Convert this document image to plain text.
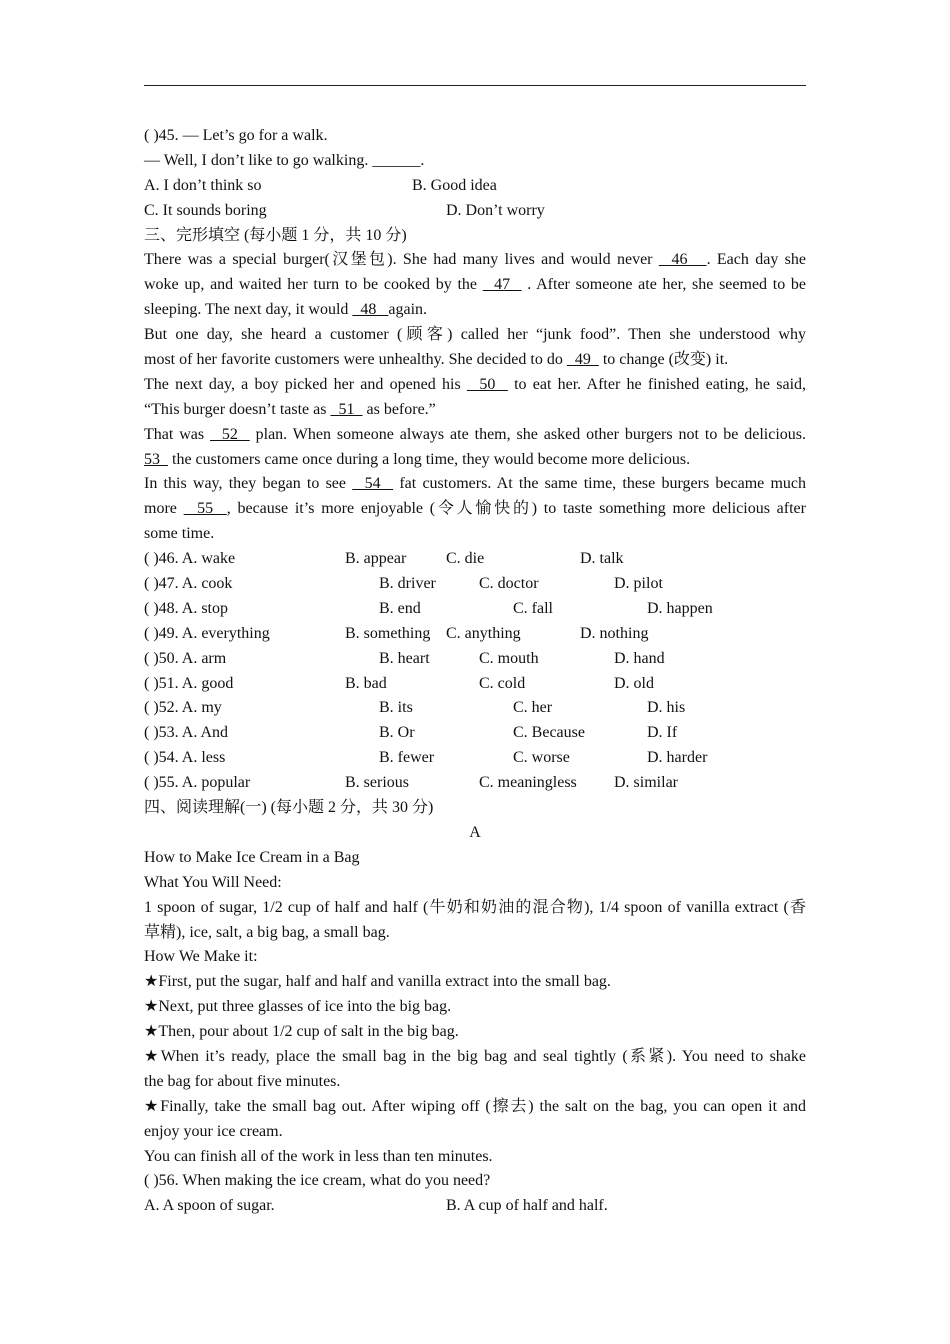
( )45. — Let’s go for a walk.
— Well, I don’t like to go walking. ______.
A. I don’t think so	B. Good idea
C. It sounds boring	D. Don’t worry
三、完形填空 (每小题 1 分，共 10 分)
There was a special burger(汉堡包). She had many lives and would never   46   . Each day she
woke up, and waited her turn to be cooked by the   47   . After someone ate her, she seemed to be
sleeping. The next day, it would   48   again.
But one day, she heard a customer (顾客) called her “junk food”. Then she understood why
most of her favorite customers were unhealthy. She decided to do   49   to change (改变) it.
The next day, a boy picked her and opened his   50   to eat her. After he finished eating, he said,
“This burger doesn’t taste as   51   as before.”
That was   52   plan. When someone always ate them, she asked other burgers not to be delicious.
53   the customers came once during a long time, they would become more delicious.
In this way, they began to see   54   fat customers. At the same time, these burgers became much
more   55  , because it’s more enjoyable (令人愉快的) to taste something more delicious after
some time.
( )46. A. wake	B. appear C. die	D. talk
( )47. A. cook	B. driver	C. doctor	D. pilot
( )48. A. stop	B. end	C. fall	D. happen
( )49. A. everything	B. something C. anything	D. nothing
( )50. A. arm	B. heart	C. mouth	D. hand
( )51. A. good	B. bad	C. cold	D. old
( )52. A. my	B. its	C. her	D. his
( )53. A. And	B. Or	C. Because	D. If
( )54. A. less	B. fewer	C. worse	D. harder
( )55. A. popular	B. serious	C. meaningless D. similar
四、阅读理解(一) (每小题 2 分，共 30 分)
A
How to Make Ice Cream in a Bag
What You Will Need:
1 spoon of sugar, 1/2 cup of half and half (牛奶和奶油的混合物), 1/4 spoon of vanilla extract (香
草精), ice, salt, a big bag, a small bag.
How We Make it:
★First, put the sugar, half and half and vanilla extract into the small bag.
★Next, put three glasses of ice into the big bag.
★Then, pour about 1/2 cup of salt in the big bag.
★When it’s ready, place the small bag in the big bag and seal tightly (系紧). You need to shake
the bag for about five minutes.
★Finally, take the small bag out. After wiping off (擦去) the salt on the bag, you can open it and
enjoy your ice cream.
You can finish all of the work in less than ten minutes.
( )56. When making the ice cream, what do you need?
A. A spoon of sugar.	B. A cup of half and half.
